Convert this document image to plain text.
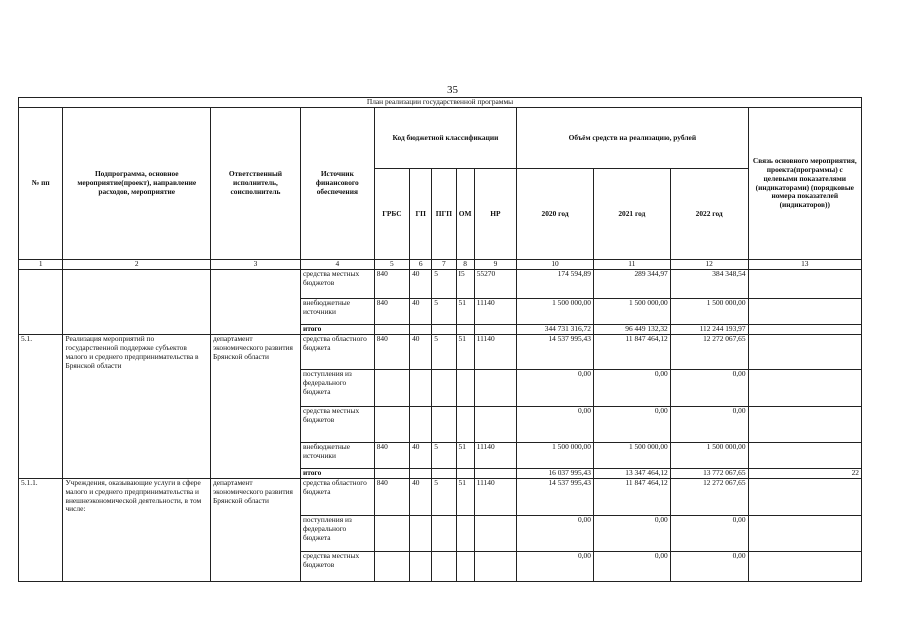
35
План реализации государственной программы												
№ пп	Подпрограмма, основное мероприятие(проект), направление расходов, мероприятие	Ответственный исполнитель, соисполнитель	Источник финансового обеспечения	Код бюджетной классификации					Объём средств на реализацию, рублей			Связь основного мероприятия, проекта(программы) с целевыми показателями (индикаторами) (порядковые номера показателей (индикаторов))
				ГРБС	ГП	ПГП	ОМ	НР	2020 год	2021 год	2022 год	
1	2	3	4	5	6	7	8	9	10	11	12	13
			средства местных бюджетов	840	40	5	I5	55270	174 594,89	289 344,97	384 348,54	
			внебюджетные источники	840	40	5	51	11140	1 500 000,00	1 500 000,00	1 500 000,00	
			итого						344 731 316,72	96 449 132,32	112 244 193,97	
5.1.	Реализация мероприятий по государственной поддержке субъектов малого и среднего предпринимательства в Брянской области	департамент экономического развития Брянской области	средства областного бюджета	840	40	5	51	11140	14 537 995,43	11 847 464,12	12 272 067,65	
			поступления из федерального бюджета						0,00	0,00	0,00	
			средства местных бюджетов						0,00	0,00	0,00	
			внебюджетные источники	840	40	5	51	11140	1 500 000,00	1 500 000,00	1 500 000,00	
			итого						16 037 995,43	13 347 464,12	13 772 067,65	22
5.1.1.	Учреждения, оказывающие услуги в сфере малого и среднего предпринимательства и внешнеэкономической деятельности, в том числе:	департамент экономического развития Брянской области	средства областного бюджета	840	40	5	51	11140	14 537 995,43	11 847 464,12	12 272 067,65	
			поступления из федерального бюджета						0,00	0,00	0,00	
			средства местных бюджетов						0,00	0,00	0,00	
